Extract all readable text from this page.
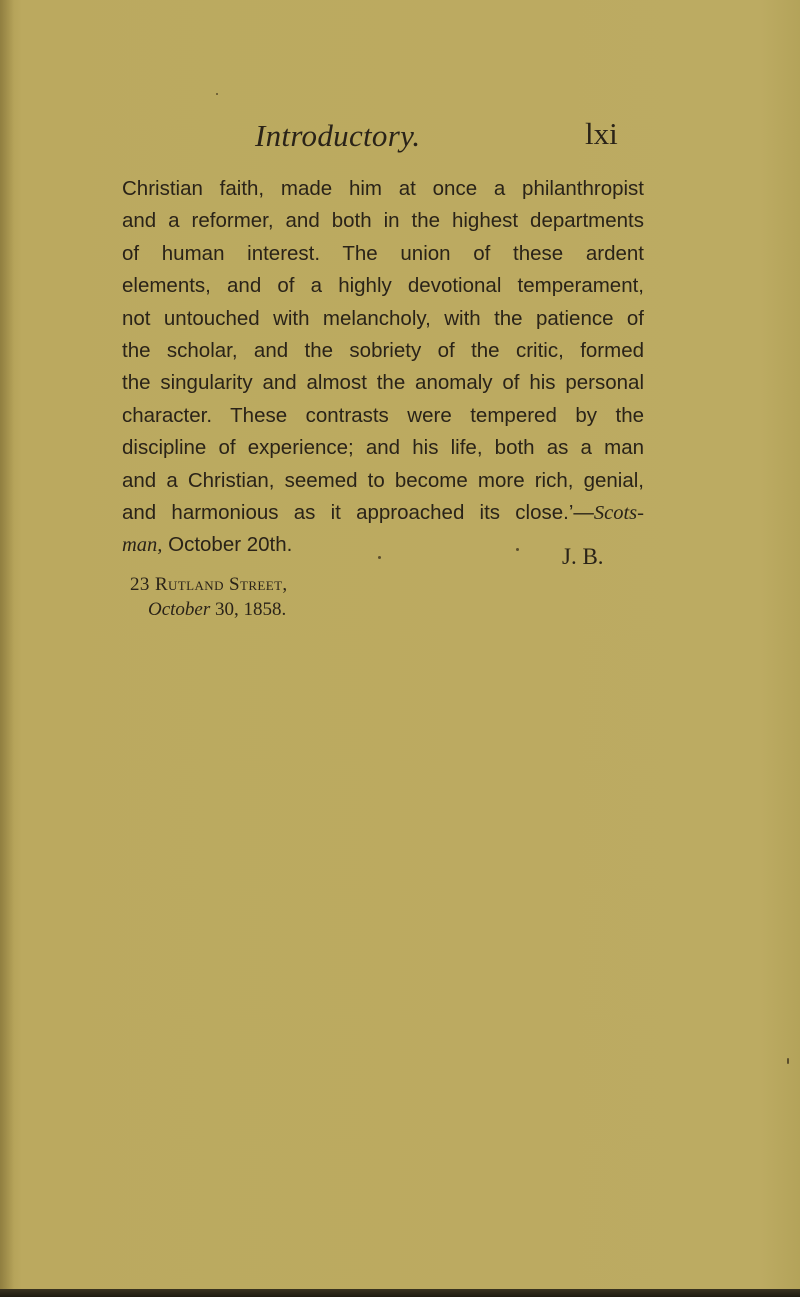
Introductory.	lxi
Christian faith, made him at once a philanthropist
and a reformer, and both in the highest departments
of human interest. The union of these ardent
elements, and of a highly devotional temperament,
not untouched with melancholy, with the patience of
the scholar, and the sobriety of the critic, formed
the singularity and almost the anomaly of his personal
character. These contrasts were tempered by the
discipline of experience; and his life, both as a man
and a Christian, seemed to become more rich, genial,
and harmonious as it approached its close.’—Scots-
man, October 20th.	J. B.
23 Rutland Street,
October 30, 1858.
